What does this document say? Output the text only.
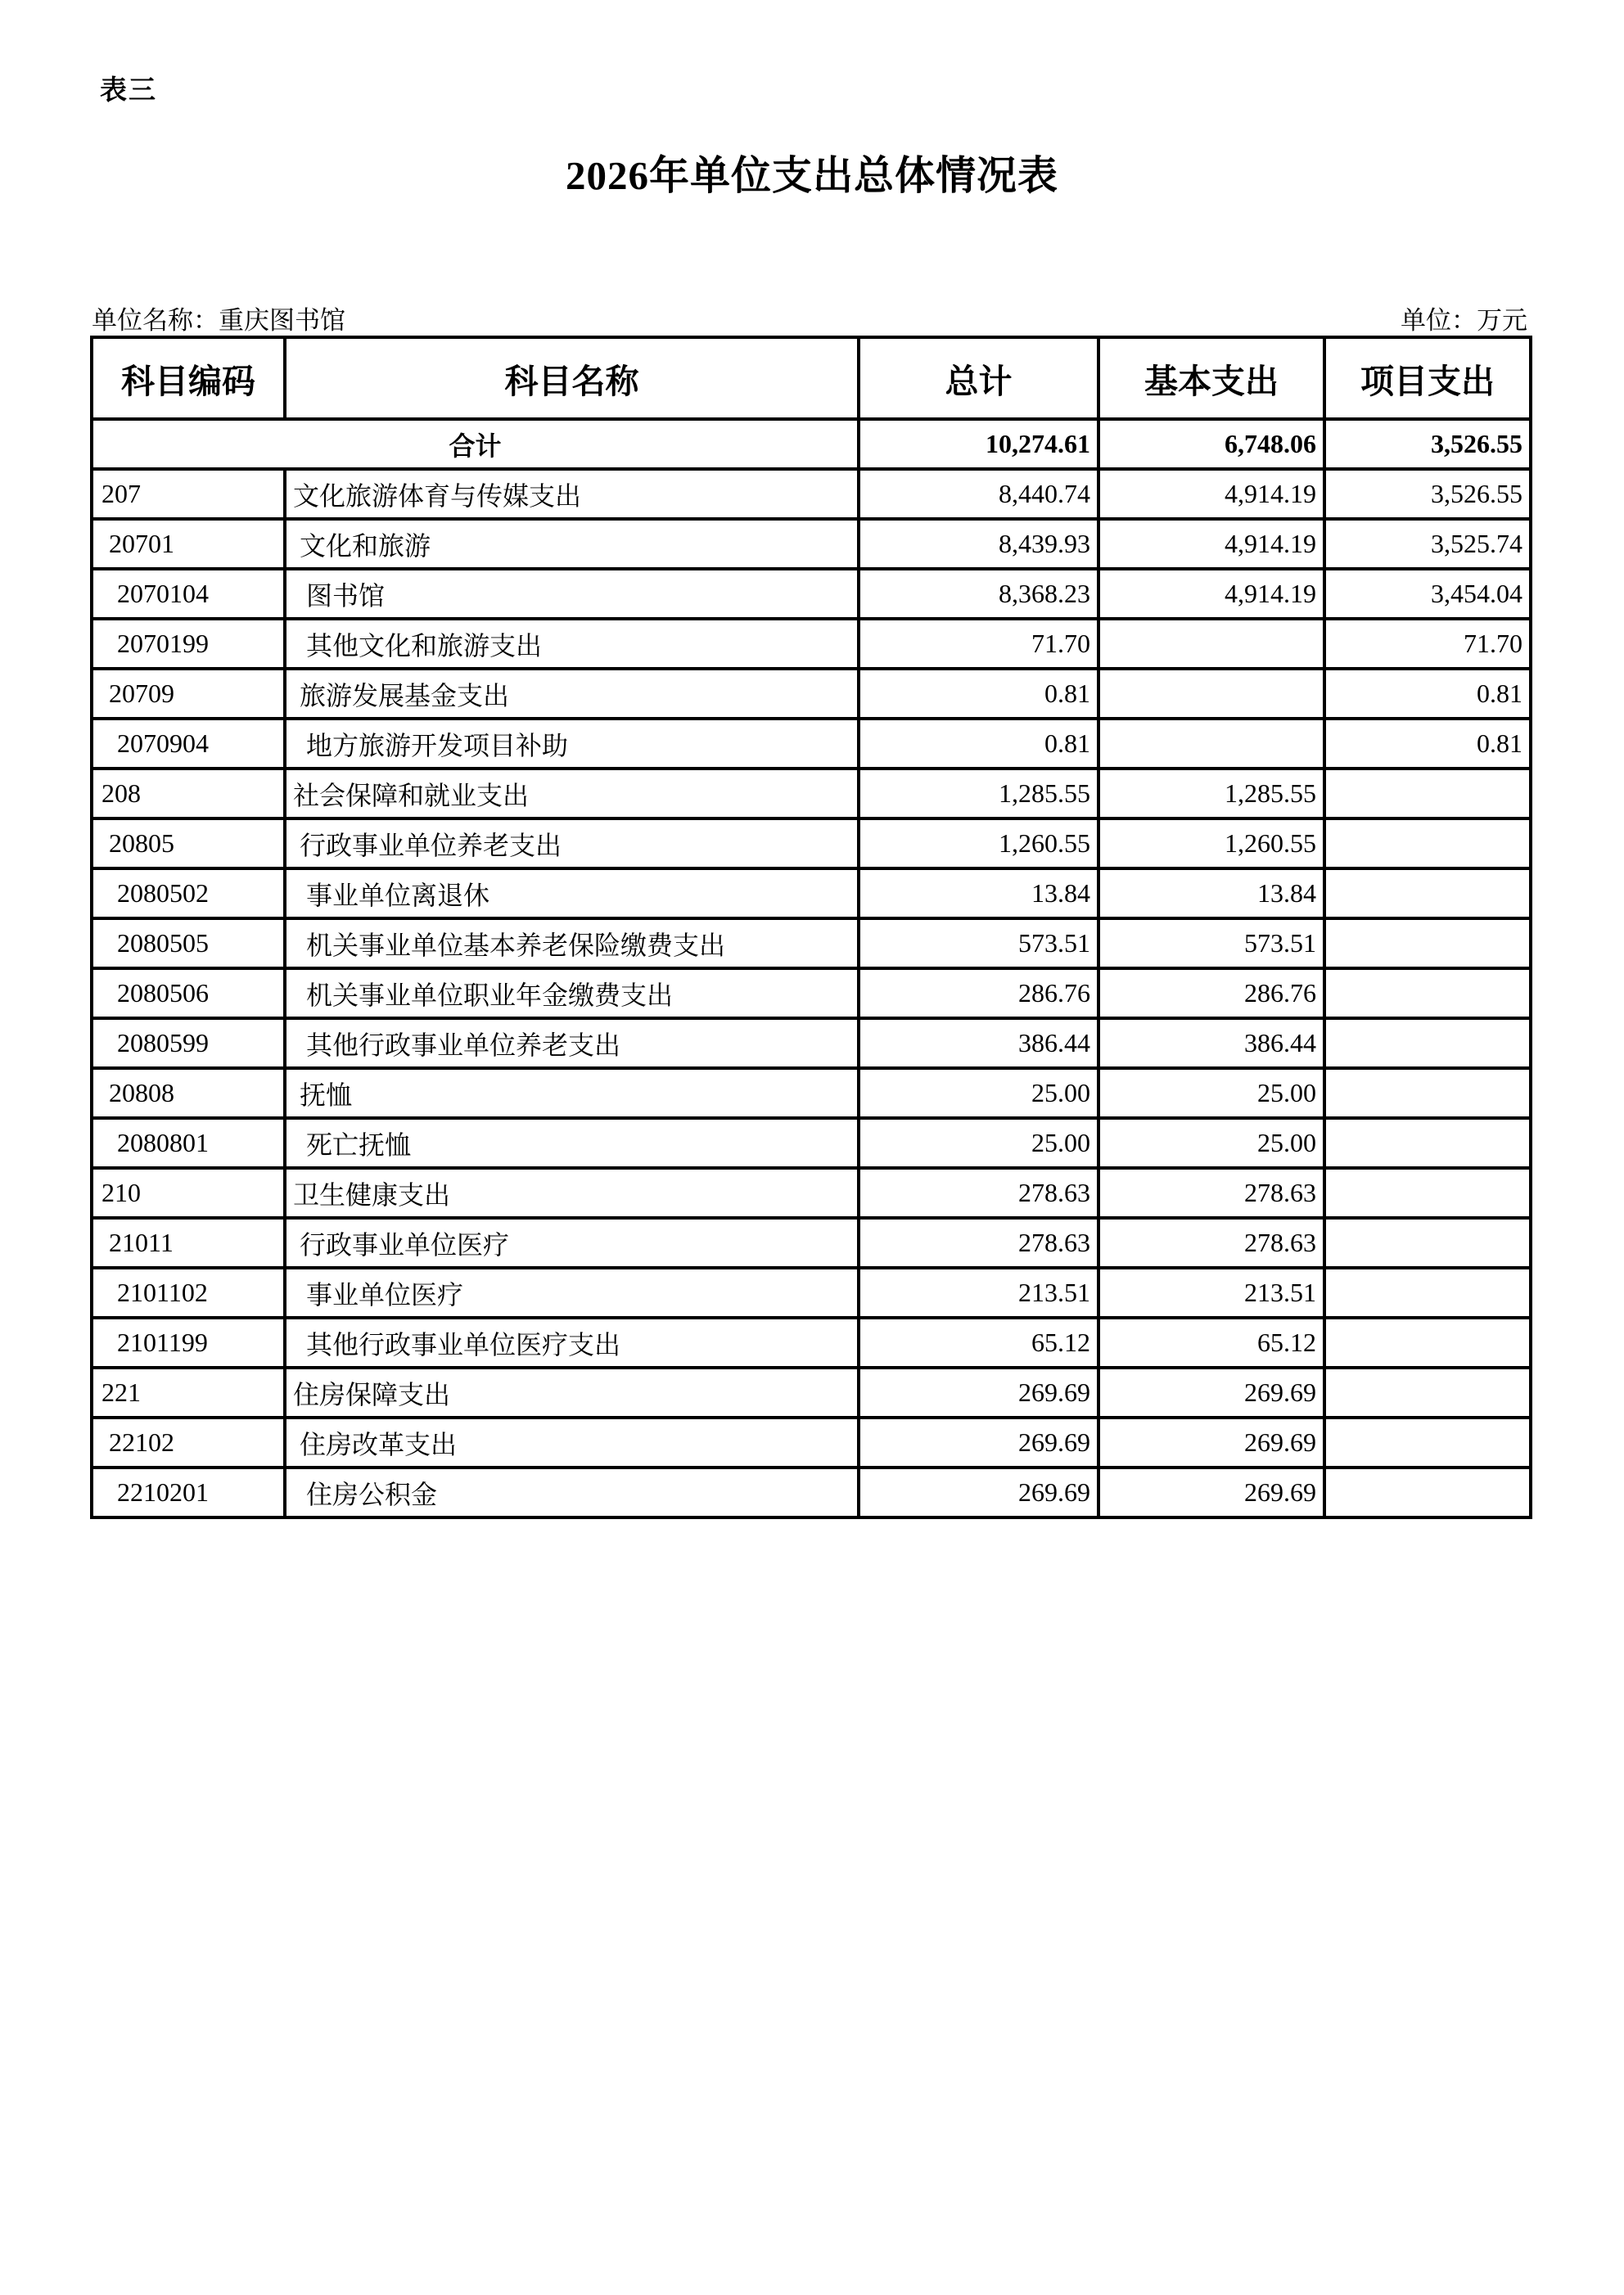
表三
2026年单位支出总体情况表
单位名称：重庆图书馆	单位：万元
科目编码	科目名称	总计	基本支出	项目支出
合计		10,274.61	6,748.06	3,526.55
207	文化旅游体育与传媒支出	8,440.74	4,914.19	3,526.55
20701	文化和旅游	8,439.93	4,914.19	3,525.74
2070104	图书馆	8,368.23	4,914.19	3,454.04
2070199	其他文化和旅游支出	71.70		71.70
20709	旅游发展基金支出	0.81		0.81
2070904	地方旅游开发项目补助	0.81		0.81
208	社会保障和就业支出	1,285.55	1,285.55	
20805	行政事业单位养老支出	1,260.55	1,260.55	
2080502	事业单位离退休	13.84	13.84	
2080505	机关事业单位基本养老保险缴费支出	573.51	573.51	
2080506	机关事业单位职业年金缴费支出	286.76	286.76	
2080599	其他行政事业单位养老支出	386.44	386.44	
20808	抚恤	25.00	25.00	
2080801	死亡抚恤	25.00	25.00	
210	卫生健康支出	278.63	278.63	
21011	行政事业单位医疗	278.63	278.63	
2101102	事业单位医疗	213.51	213.51	
2101199	其他行政事业单位医疗支出	65.12	65.12	
221	住房保障支出	269.69	269.69	
22102	住房改革支出	269.69	269.69	
2210201	住房公积金	269.69	269.69	
